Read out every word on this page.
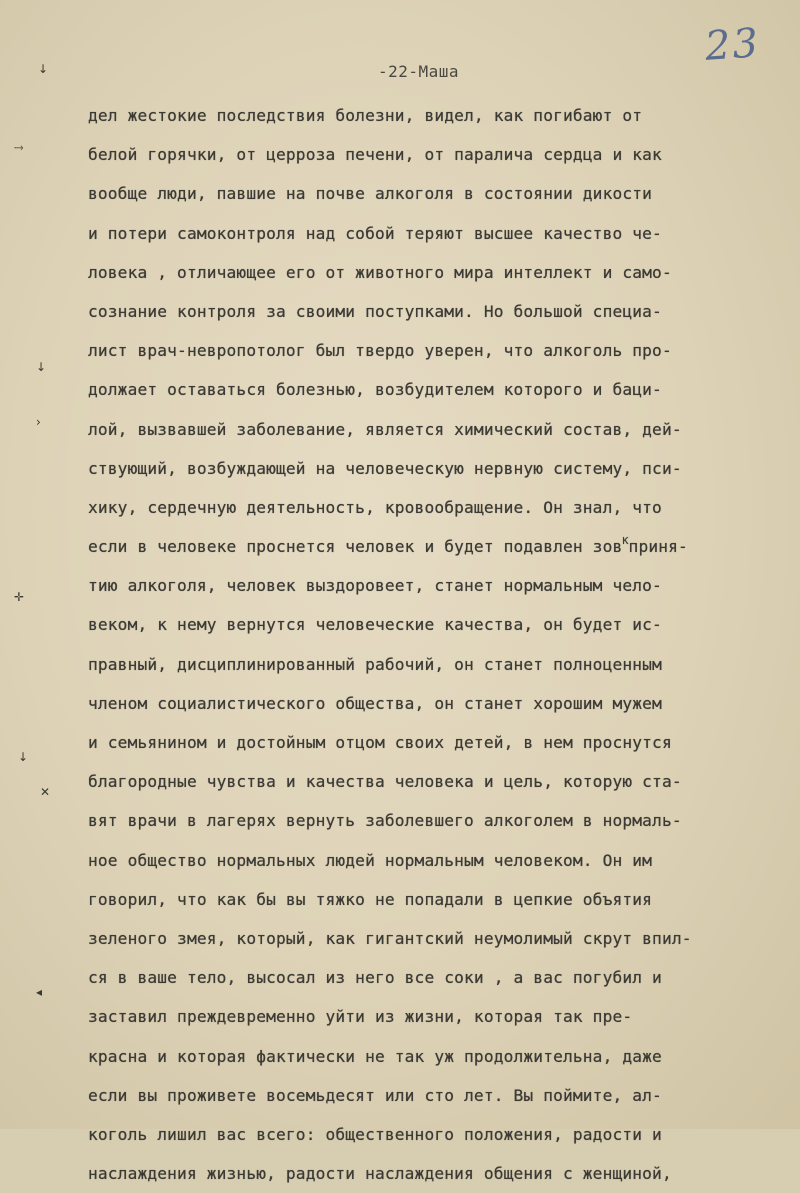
23
-22-Маша
↓
⤑
↓
›
✛
↓
✕
◂
дел жестокие последствия болезни, видел, как погибают от
белой горячки, от церроза печени, от паралича сердца и как
вообще люди, павшие на почве алкоголя в состоянии дикости
и потери самоконтроля над собой теряют высшее качество че-
ловека , отличающее его от животного мира интеллект и само-
сознание контроля за своими поступками. Но большой специа-
лист врач-невропотолог был твердо уверен, что алкоголь про-
должает оставаться болезнью, возбудителем которого и бaци-
лой, вызвавшей заболевание, является химический состав, дей-
ствующий, возбуждающей на человеческую нервную систему, пси-
хику, сердечную деятельность, кровообращение. Он знал, что
если в человеке проснется человек и будет подавлен зов$^К$приня-
тию алкоголя, человек выздоровеет, станет нормальным чело-
веком, к нему вернутся человеческие качества, он будет ис-
правный, дисциплинированный рабочий, он станет полноценным
членом социалистического общества, он станет хорошим мужем
и семьянином и достойным отцом своих детей, в нем проснутся
благородные чувства и качества человека и цель, которую ста-
вят врачи в лагерях вернуть заболевшего алкоголем в нормаль-
ное общество нормальных людей нормальным человеком. Он им
говорил, что как бы вы тяжко не попадали в цепкие объятия
зеленого змея, который, как гигантский неумолимый скрут впил-
ся в ваше тело, высосал из него все соки , а вас погубил и
заставил преждевременно уйти из жизни, которая так пре-
красна и которая фактически не так уж продолжительна, даже
если вы проживете восемьдесят или сто лет. Вы поймите, ал-
коголь лишил вас всего: общественного положения, радости и
наслаждения жизнью, радости наслаждения общения с женщиной,
